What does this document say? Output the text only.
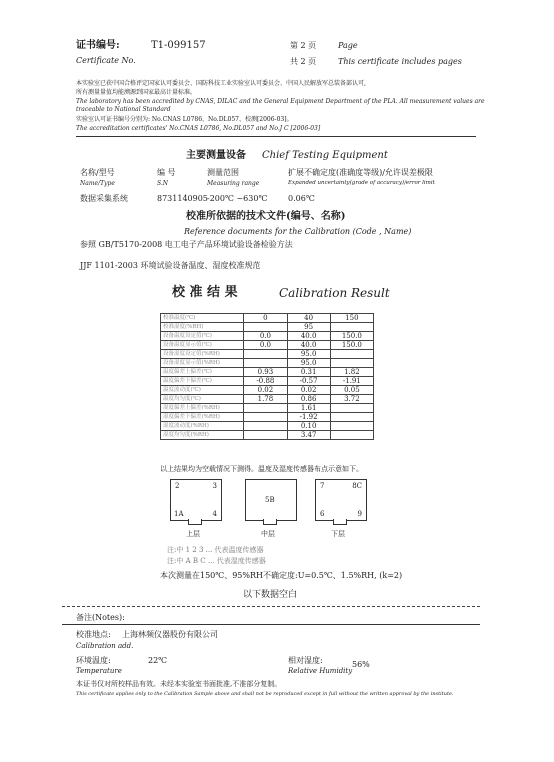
证书编号:	T1-099157
Certificate No.
第 2 页	Page
共 2 页	This certificate includes pages
本实验室已获中国合格评定国家认可委员会、国防科技工业实验室认可委员会、中国人民解放军总装备部认可,
所有测量量值均能溯源到国家最高计量标准。
The laboratory has been accredited by CNAS, DILAC and the General Equipment Department of the PLA. All measurement values are
traceable to National Standard
实验室认可证书编号分别为: No.CNAS L0786、No.DL057、校测[2006-03]。
The accreditation certificates' No.CNAS L0786, No.DL057 and No.J C [2006-03]
主要测量设备 Chief Testing Equipment
名称/型号	编 号	测量范围	扩展不确定度(准确度等级)/允许误差极限
Name/Type	S.N	Measuring range	Expanded uncertainty(grade of accuracy)/error limit
数据采集系统	8731140905 -200℃ ~630℃	0.06℃
校准所依据的技术文件(编号、名称)
Reference documents for the Calibration (Code , Name)
参照 GB/T5170-2008 电工电子产品环境试验设备检验方法
JJF 1101-2003 环境试验设备温度、湿度校准规范
校 准 结 果	Calibration Result
校准温度(℃)	0	40	150
校准湿度(%RH)		95	
设备温度设定值(℃)	0.0	40.0	150.0
设备温度显示值(℃)	0.0	40.0	150.0
设备湿度设定值(%RH)		95.0	
设备湿度显示值(%RH)		95.0	
温度偏差上偏差(℃)	0.93	0.31	1.82
温度偏差下偏差(℃)	-0.88	-0.57	-1.91
温度波动度(℃)	0.02	0.02	0.05
温度均匀度(℃)	1.78	0.86	3.72
湿度偏差上偏差(%RH)		1.61	
湿度偏差下偏差(%RH)		-1.92	
湿度波动度(%RH)		0.10	
湿度均匀度(%RH)		3.47	
以上结果均为空载情况下测得。温度及湿度传感器布点示意如下。
2	3
1A	4
5B
7	8C
6	9
上层	中层	下层
注:中 1 2 3 ... 代表温度传感器
注:中 A B C ... 代表湿度传感器
本次测量在150℃、95%RH不确定度:U=0.5℃、1.5%RH, (k=2)
以下数据空白
备注(Notes):
校准地点: 上海林频仪器股份有限公司
Calibration add.
环境温度:	22℃
Temperature
相对湿度:	56%
Relative Humidity
本证书仅对所校样品有效。未经本实验室书面批准,不准部分复制。
This certificate applies only to the Calibration Sample above and shall not be reproduced except in full without the written approval by the institute.
